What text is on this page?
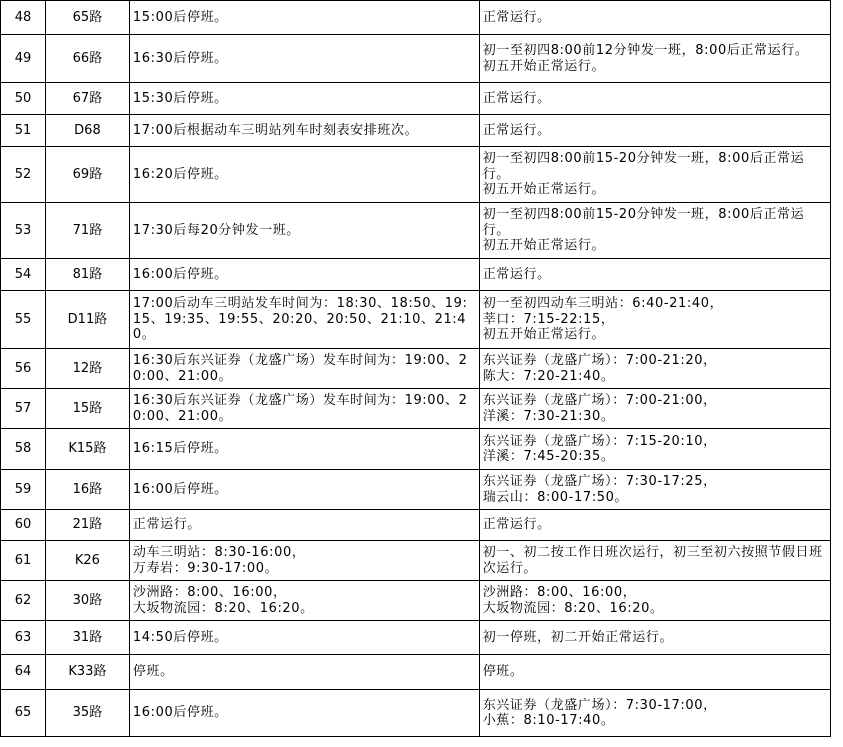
48	65路	15:00后停班。	正常运行。	
49	66路	16:30后停班。	初一至初四8:00前12分钟发一班，8:00后正常运行。
初五开始正常运行。	
50	67路	15:30后停班。	正常运行。	
51	D68	17:00后根据动车三明站列车时刻表安排班次。	正常运行。	
52	69路	16:20后停班。	初一至初四8:00前15-20分钟发一班，8:00后正常运行。
初五开始正常运行。	
53	71路	17:30后每20分钟发一班。	初一至初四8:00前15-20分钟发一班，8:00后正常运行。
初五开始正常运行。	
54	81路	16:00后停班。	正常运行。	
55	D11路	17:00后动车三明站发车时间为：18:30、18:50、19:15、19:35、19:55、20:20、20:50、21:10、21:40。	初一至初四动车三明站：6:40-21:40，
莘口：7:15-22:15，
初五开始正常运行。	
56	12路	16:30后东兴证券（龙盛广场）发车时间为：19:00、20:00、21:00。	东兴证券（龙盛广场）：7:00-21:20，
陈大：7:20-21:40。	
57	15路	16:30后东兴证券（龙盛广场）发车时间为：19:00、20:00、21:00。	东兴证券（龙盛广场）：7:00-21:00，
洋溪：7:30-21:30。	
58	K15路	16:15后停班。	东兴证券（龙盛广场）：7:15-20:10，
洋溪：7:45-20:35。	
59	16路	16:00后停班。	东兴证券（龙盛广场）：7:30-17:25，
瑞云山：8:00-17:50。	
60	21路	正常运行。	正常运行。	
61	K26	动车三明站：8:30-16:00，
万寿岩：9:30-17:00。	初一、初二按工作日班次运行，初三至初六按照节假日班次运行。	
62	30路	沙洲路：8:00、16:00，
大坂物流园：8:20、16:20。	沙洲路：8:00、16:00，
大坂物流园：8:20、16:20。	
63	31路	14:50后停班。	初一停班，初二开始正常运行。	
64	K33路	停班。	停班。	
65	35路	16:00后停班。	东兴证券（龙盛广场）：7:30-17:00，
小蕉：8:10-17:40。	
